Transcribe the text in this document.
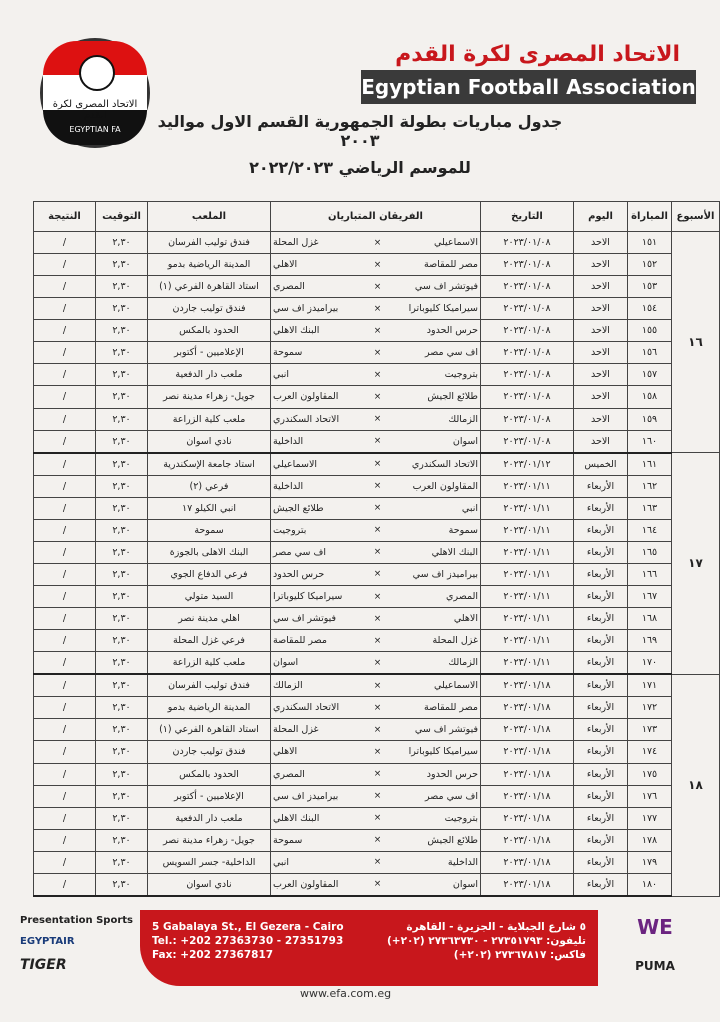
الاتحاد المصرى لكرة القدم
EGYPTIAN FA
الاتحاد المصرى لكرة القدم
Egyptian Football Association
جدول مباريات بطولة الجمهورية القسم الاول مواليد ٢٠٠٣
للموسم الرياضي ٢٠٢٢/٢٠٢٣
الأسبوع	المباراة	اليوم	التاريخ	الفريقان المتباريان			الملعب	التوقيت	النتيجة
١٦	١٥١	الاحد	٢٠٢٣/٠١/٠٨	الاسماعيلي	×	غزل المحلة	فندق توليب الفرسان	٢,٣٠	/
	١٥٢	الاحد	٢٠٢٣/٠١/٠٨	مصر للمقاصة	×	الاهلي	المدينة الرياضية بدمو	٢,٣٠	/
	١٥٣	الاحد	٢٠٢٣/٠١/٠٨	فيوتشر اف سي	×	المصري	استاد القاهرة الفرعي (١)	٢,٣٠	/
	١٥٤	الاحد	٢٠٢٣/٠١/٠٨	سيراميكا كليوباترا	×	بيراميدز اف سي	فندق توليب جاردن	٢,٣٠	/
	١٥٥	الاحد	٢٠٢٣/٠١/٠٨	حرس الحدود	×	البنك الاهلي	الحدود بالمكس	٢,٣٠	/
	١٥٦	الاحد	٢٠٢٣/٠١/٠٨	اف سي مصر	×	سموحة	الإعلاميين - أكتوبر	٢,٣٠	/
	١٥٧	الاحد	٢٠٢٣/٠١/٠٨	بتروجيت	×	انبي	ملعب دار الدفعية	٢,٣٠	/
	١٥٨	الاحد	٢٠٢٣/٠١/٠٨	طلائع الجيش	×	المقاولون العرب	جويل- زهراء مدينة نصر	٢,٣٠	/
	١٥٩	الاحد	٢٠٢٣/٠١/٠٨	الزمالك	×	الاتحاد السكندري	ملعب كلية الزراعة	٢,٣٠	/
	١٦٠	الاحد	٢٠٢٣/٠١/٠٨	اسوان	×	الداخلية	نادي اسوان	٢,٣٠	/
١٧	١٦١	الخميس	٢٠٢٣/٠١/١٢	الاتحاد السكندري	×	الاسماعيلي	استاد جامعة الإسكندرية	٢,٣٠	/
	١٦٢	الأربعاء	٢٠٢٣/٠١/١١	المقاولون العرب	×	الداخلية	فرعي (٢)	٢,٣٠	/
	١٦٣	الأربعاء	٢٠٢٣/٠١/١١	انبي	×	طلائع الجيش	انبي الكيلو ١٧	٢,٣٠	/
	١٦٤	الأربعاء	٢٠٢٣/٠١/١١	سموحة	×	بتروجيت	سموحة	٢,٣٠	/
	١٦٥	الأربعاء	٢٠٢٣/٠١/١١	البنك الاهلي	×	اف سي مصر	البنك الاهلى بالجوزة	٢,٣٠	/
	١٦٦	الأربعاء	٢٠٢٣/٠١/١١	بيراميدز اف سي	×	حرس الحدود	فرعي الدفاع الجوي	٢,٣٠	/
	١٦٧	الأربعاء	٢٠٢٣/٠١/١١	المصري	×	سيراميكا كليوباترا	السيد متولي	٢,٣٠	/
	١٦٨	الأربعاء	٢٠٢٣/٠١/١١	الاهلي	×	فيوتشر اف سي	اهلي مدينة نصر	٢,٣٠	/
	١٦٩	الأربعاء	٢٠٢٣/٠١/١١	غزل المحلة	×	مصر للمقاصة	فرعي غزل المحلة	٢,٣٠	/
	١٧٠	الأربعاء	٢٠٢٣/٠١/١١	الزمالك	×	اسوان	ملعب كلية الزراعة	٢,٣٠	/
١٨	١٧١	الأربعاء	٢٠٢٣/٠١/١٨	الاسماعيلي	×	الزمالك	فندق توليب الفرسان	٢,٣٠	/
	١٧٢	الأربعاء	٢٠٢٣/٠١/١٨	مصر للمقاصة	×	الاتحاد السكندري	المدينة الرياضية بدمو	٢,٣٠	/
	١٧٣	الأربعاء	٢٠٢٣/٠١/١٨	فيوتشر اف سي	×	غزل المحلة	استاد القاهرة الفرعي (١)	٢,٣٠	/
	١٧٤	الأربعاء	٢٠٢٣/٠١/١٨	سيراميكا كليوباترا	×	الاهلي	فندق توليب جاردن	٢,٣٠	/
	١٧٥	الأربعاء	٢٠٢٣/٠١/١٨	حرس الحدود	×	المصري	الحدود بالمكس	٢,٣٠	/
	١٧٦	الأربعاء	٢٠٢٣/٠١/١٨	اف سي مصر	×	بيراميدز اف سي	الإعلاميين - أكتوبر	٢,٣٠	/
	١٧٧	الأربعاء	٢٠٢٣/٠١/١٨	بتروجيت	×	البنك الاهلي	ملعب دار الدفعية	٢,٣٠	/
	١٧٨	الأربعاء	٢٠٢٣/٠١/١٨	طلائع الجيش	×	سموحة	جويل- زهراء مدينة نصر	٢,٣٠	/
	١٧٩	الأربعاء	٢٠٢٣/٠١/١٨	الداخلية	×	انبي	الداخلية- جسر السويس	٢,٣٠	/
	١٨٠	الأربعاء	٢٠٢٣/٠١/١٨	اسوان	×	المقاولون العرب	نادي اسوان	٢,٣٠	/
Presentation Sports
EGYPTAIR
TIGER
5 Gabalaya St., El Gezera - Cairo
Tel.: +202 27363730 - 27351793
Fax: +202 27367817
٥ شارع الجبلاية - الجزيرة - القاهرة
تليفون: ٢٧٣٥١٧٩٣ - ٢٧٣٦٣٧٣٠ (٢٠٢+)
فاكس: ٢٧٣٦٧٨١٧ (٢٠٢+)
www.efa.com.eg
WE
PUMA
